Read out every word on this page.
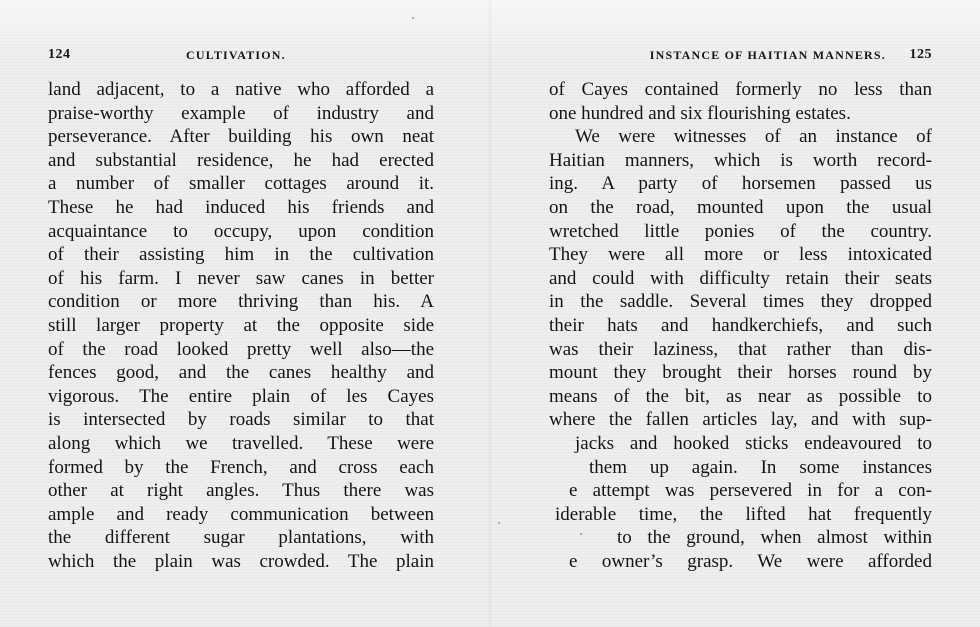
124	CULTIVATION.
land adjacent, to a native who afforded a
praise-worthy example of industry and
perseverance. After building his own neat
and substantial residence, he had erected
a number of smaller cottages around it.
These he had induced his friends and
acquaintance to occupy, upon condition
of their assisting him in the cultivation
of his farm. I never saw canes in better
condition or more thriving than his. A
still larger property at the opposite side
of the road looked pretty well also—the
fences good, and the canes healthy and
vigorous. The entire plain of les Cayes
is intersected by roads similar to that
along which we travelled. These were
formed by the French, and cross each
other at right angles. Thus there was
ample and ready communication between
the different sugar plantations, with
which the plain was crowded. The plain
INSTANCE OF HAITIAN MANNERS. 125
of Cayes contained formerly no less than
one hundred and six flourishing estates.
We were witnesses of an instance of
Haitian manners, which is worth record-
ing. A party of horsemen passed us
on the road, mounted upon the usual
wretched little ponies of the country.
They were all more or less intoxicated
and could with difficulty retain their seats
in the saddle. Several times they dropped
their hats and handkerchiefs, and such
was their laziness, that rather than dis-
mount they brought their horses round by
means of the bit, as near as possible to
where the fallen articles lay, and with sup-
jacks and hooked sticks endeavoured to
them up again. In some instances
e attempt was persevered in for a con-
iderable time, the lifted hat frequently
to the ground, when almost within
e owner’s grasp. We were afforded
